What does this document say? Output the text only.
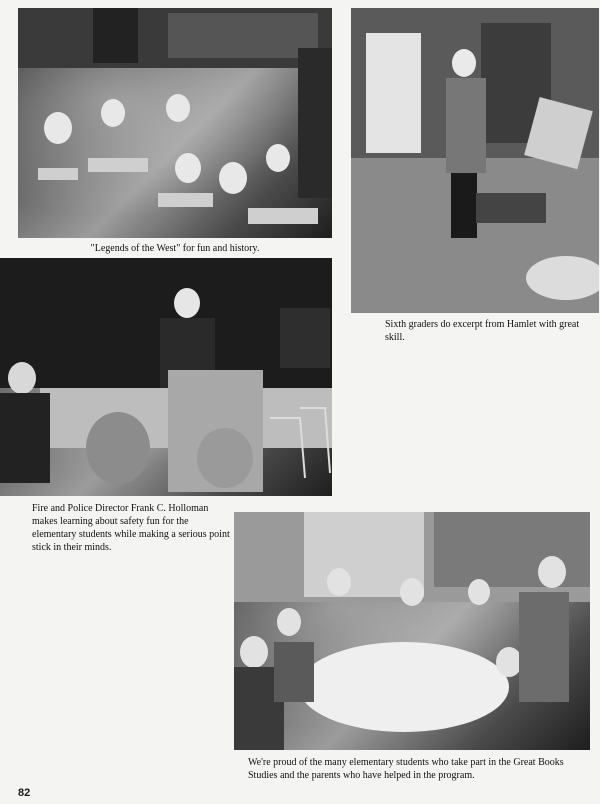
"Legends of the West" for fun and history.
Sixth graders do excerpt from Hamlet with great skill.
Fire and Police Director Frank C. Holloman makes learning about safety fun for the elementary students while making a serious point stick in their minds.
We're proud of the many elementary students who take part in the Great Books Studies and the parents who have helped in the program.
82
